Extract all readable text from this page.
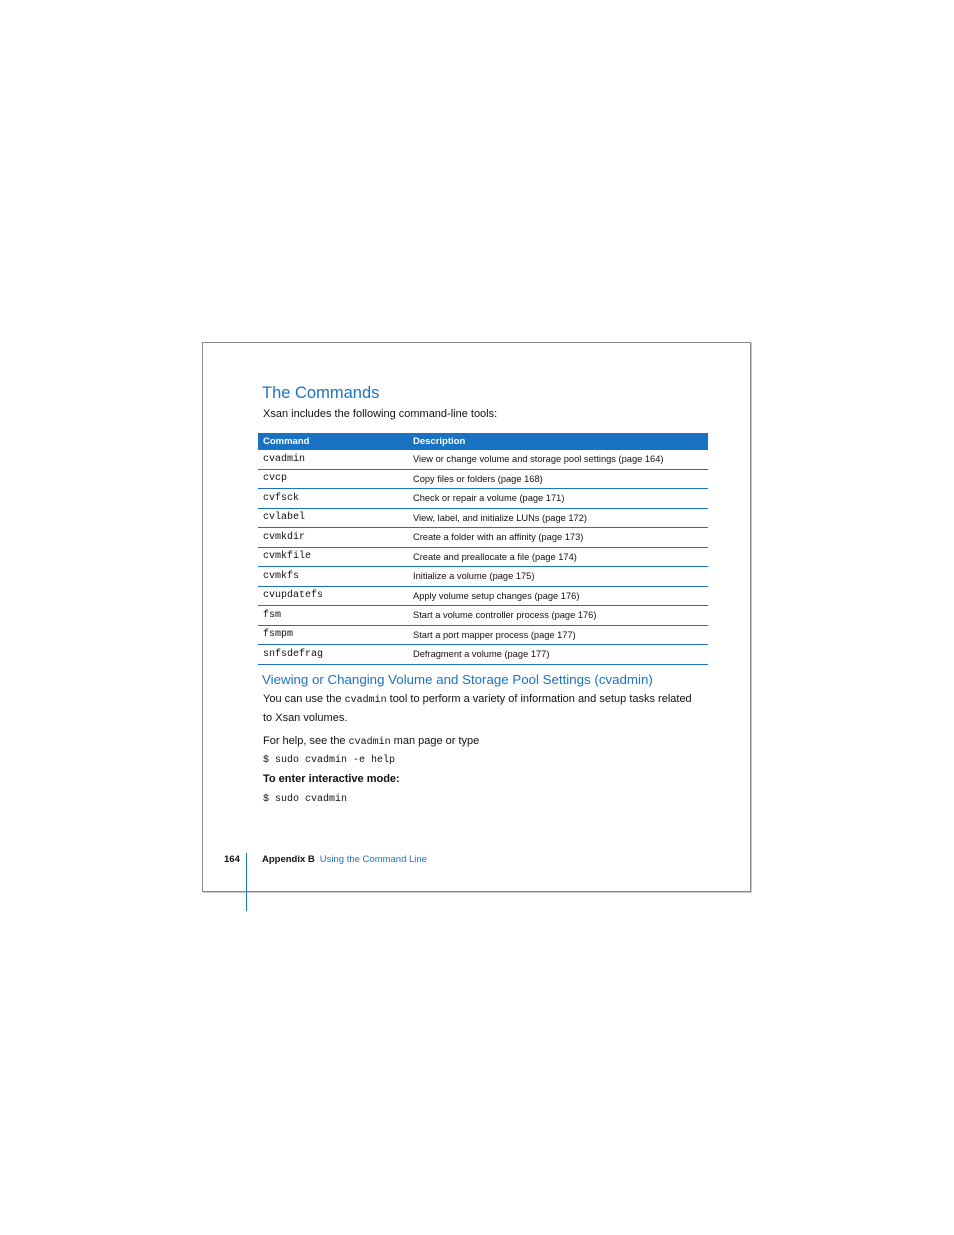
The Commands

Xsan includes the following command-line tools:

Command	Description
cvadmin	View or change volume and storage pool settings (page 164)
cvcp	Copy files or folders (page 168)
cvfsck	Check or repair a volume (page 171)
cvlabel	View, label, and initialize LUNs (page 172)
cvmkdir	Create a folder with an affinity (page 173)
cvmkfile	Create and preallocate a file (page 174)
cvmkfs	Initialize a volume (page 175)
cvupdatefs	Apply volume setup changes (page 176)
fsm	Start a volume controller process (page 176)
fsmpm	Start a port mapper process (page 177)
snfsdefrag	Defragment a volume (page 177)
Viewing or Changing Volume and Storage Pool Settings (cvadmin)

You can use the cvadmin tool to perform a variety of information and setup tasks related to Xsan volumes.

For help, see the cvadmin man page or type

$ sudo cvadmin -e help

To enter interactive mode:

$ sudo cvadmin

164 Appendix B Using the Command Line
